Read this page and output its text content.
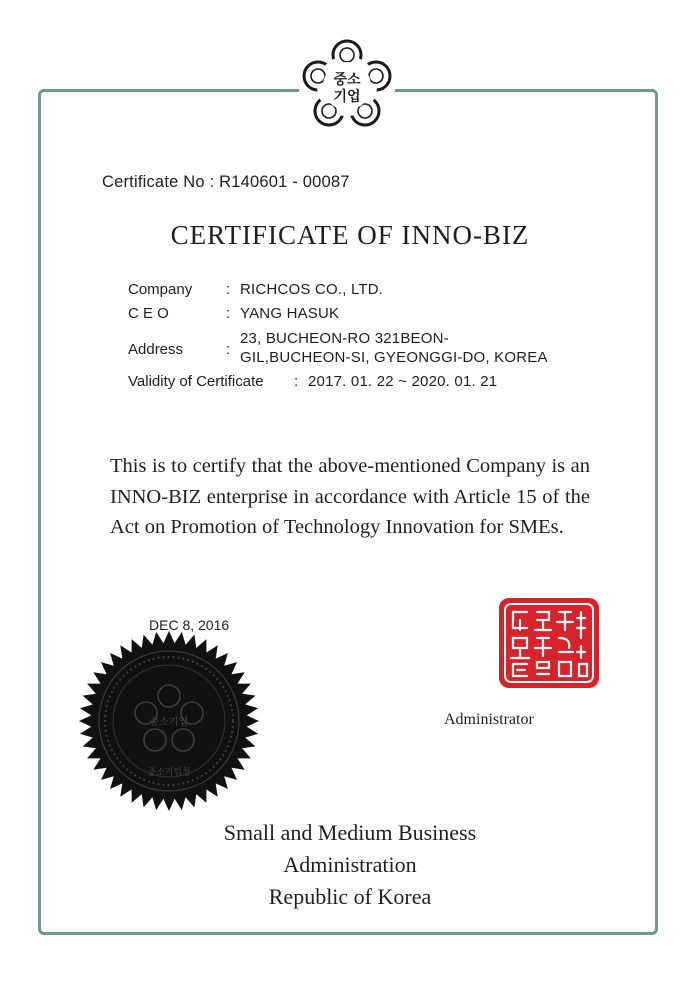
중소
기업
Certificate No : R140601 - 00087
CERTIFICATE OF INNO-BIZ
Company : RICHCOS CO., LTD.
C E O	: YANG HASUK
Address	:
23, BUCHEON-RO 321BEON-
GIL,BUCHEON-SI, GYEONGGI-DO, KOREA
Validity of Certificate : 2017. 01. 22 ~ 2020. 01. 21
This is to certify that the above-mentioned Company is an INNO-BIZ enterprise in accordance with Article 15 of the Act on Promotion of Technology Innovation for SMEs.
DEC 8, 2016
중소기업
중소기업청
중소기업청장인
Administrator
Small and Medium Business
Administration
Republic of Korea
